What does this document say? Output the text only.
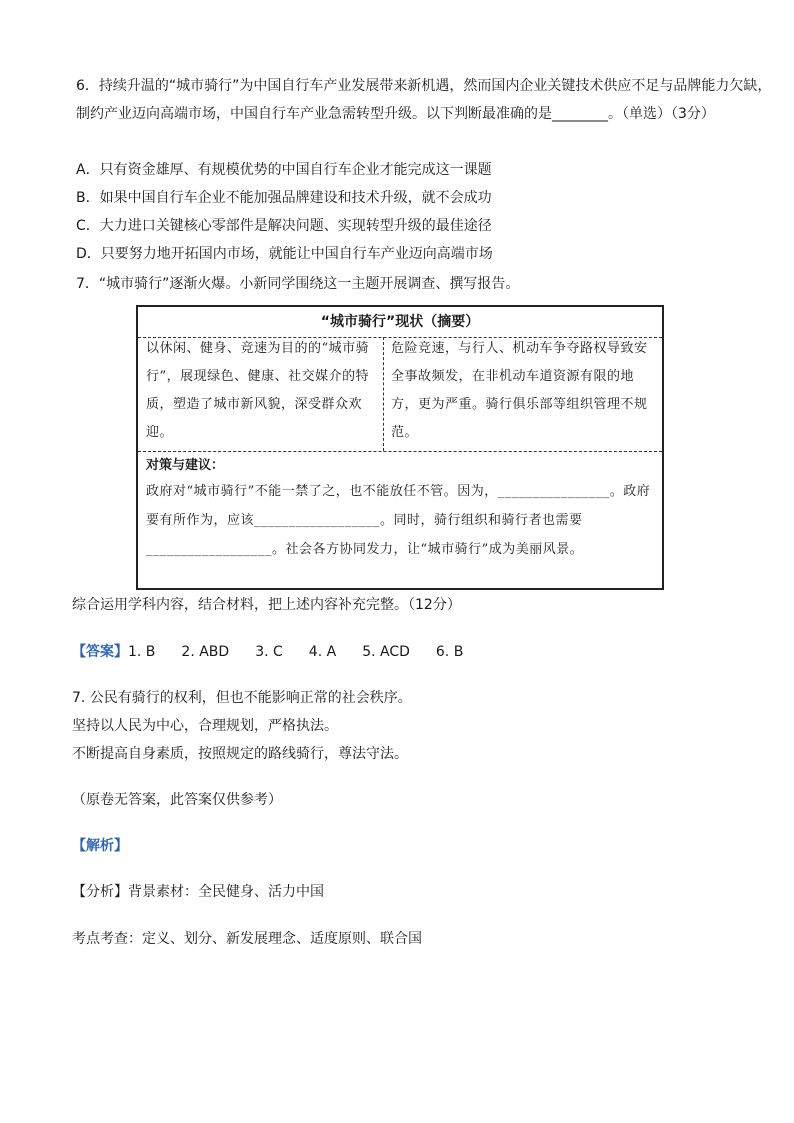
6．持续升温的“城市骑行”为中国自行车产业发展带来新机遇，然而国内企业关键技术供应不足与品牌能力欠缺，制约产业迈向高端市场，中国自行车产业急需转型升级。以下判断最准确的是________。（单选）（3分）
A．只有资金雄厚、有规模优势的中国自行车企业才能完成这一课题
B．如果中国自行车企业不能加强品牌建设和技术升级，就不会成功
C．大力进口关键核心零部件是解决问题、实现转型升级的最佳途径
D．只要努力地开拓国内市场，就能让中国自行车产业迈向高端市场
7．“城市骑行”逐渐火爆。小新同学围绕这一主题开展调查、撰写报告。
“城市骑行”现状（摘要）
以休闲、健身、竞速为目的的“城市骑行”，展现绿色、健康、社交媒介的特质，塑造了城市新风貌，深受群众欢迎。
危险竞速，与行人、机动车争夺路权导致安全事故频发，在非机动车道资源有限的地方，更为严重。骑行俱乐部等组织管理不规范。
对策与建议：
政府对“城市骑行”不能一禁了之，也不能放任不管。因为，________________。政府要有所作为，应该__________________。同时，骑行组织和骑行者也需要__________________。社会各方协同发力，让“城市骑行”成为美丽风景。
综合运用学科内容，结合材料，把上述内容补充完整。（12分）
【答案】1. B 2. ABD 3. C 4. A 5. ACD 6. B
7. 公民有骑行的权利，但也不能影响正常的社会秩序。
坚持以人民为中心，合理规划，严格执法。
不断提高自身素质，按照规定的路线骑行，尊法守法。
（原卷无答案，此答案仅供参考）
【解析】
【分析】背景素材：全民健身、活力中国
考点考查：定义、划分、新发展理念、适度原则、联合国
